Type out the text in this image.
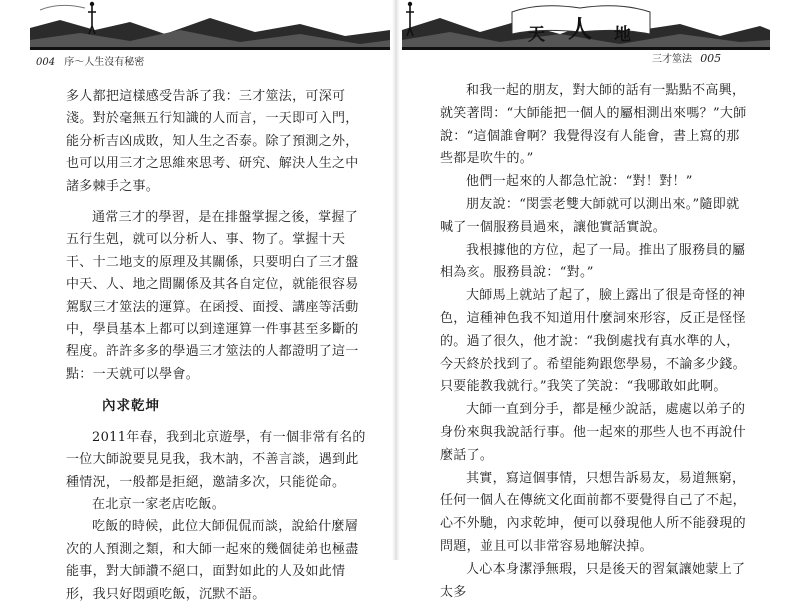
天 人 地
004 序～人生沒有秘密	三才筮法 005

多人都把這樣感受告訴了我：三才筮法，可深可淺。對於毫無五行知識的人而言，一天即可入門，能分析吉凶成敗，知人生之否泰。除了預測之外，也可以用三才之思維來思考、研究、解決人生之中諸多棘手之事。

通常三才的學習，是在排盤掌握之後，掌握了五行生剋，就可以分析人、事、物了。掌握十天干、十二地支的原理及其關係，只要明白了三才盤中天、人、地之間關係及其各自定位，就能很容易駕馭三才筮法的運算。在函授、面授、講座等活動中，學員基本上都可以到達運算一件事甚至多斷的程度。許許多多的學過三才筮法的人都證明了這一點：一天就可以學會。

內求乾坤

2011年春，我到北京遊學，有一個非常有名的一位大師說要見見我，我木訥，不善言談，遇到此種情況，一般都是拒絕，邀請多次，只能從命。

在北京一家老店吃飯。

吃飯的時候，此位大師侃侃而談，說給什麼層次的人預測之類，和大師一起來的幾個徒弟也極盡能事，對大師讚不絕口，面對如此的人及如此情形，我只好悶頭吃飯，沉默不語。

和我一起的朋友，對大師的話有一點點不高興，就笑著問：“大師能把一個人的屬相測出來嗎？”大師說：“這個誰會啊？我覺得沒有人能會，書上寫的那些都是吹牛的。”

他們一起來的人都急忙說：“對！對！”

朋友說：“閔雲老雙大師就可以測出來。”隨即就喊了一個服務員過來，讓他實話實說。

我根據他的方位，起了一局。推出了服務員的屬相為亥。服務員說：“對。”

大師馬上就站了起了，臉上露出了很是奇怪的神色，這種神色我不知道用什麼詞來形容，反正是怪怪的。過了很久，他才說：“我倒處找有真水準的人，今天終於找到了。希望能夠跟您學易，不論多少錢。只要能教我就行。”我笑了笑說：“我哪敢如此啊。

大師一直到分手，都是極少說話，處處以弟子的身份來與我說話行事。他一起來的那些人也不再說什麼話了。

其實，寫這個事情，只想告訴易友，易道無窮，任何一個人在傳統文化面前都不要覺得自己了不起，心不外馳，內求乾坤，便可以發現他人所不能發現的問題，並且可以非常容易地解決掉。

人心本身潔淨無瑕，只是後天的習氣讓她蒙上了太多
